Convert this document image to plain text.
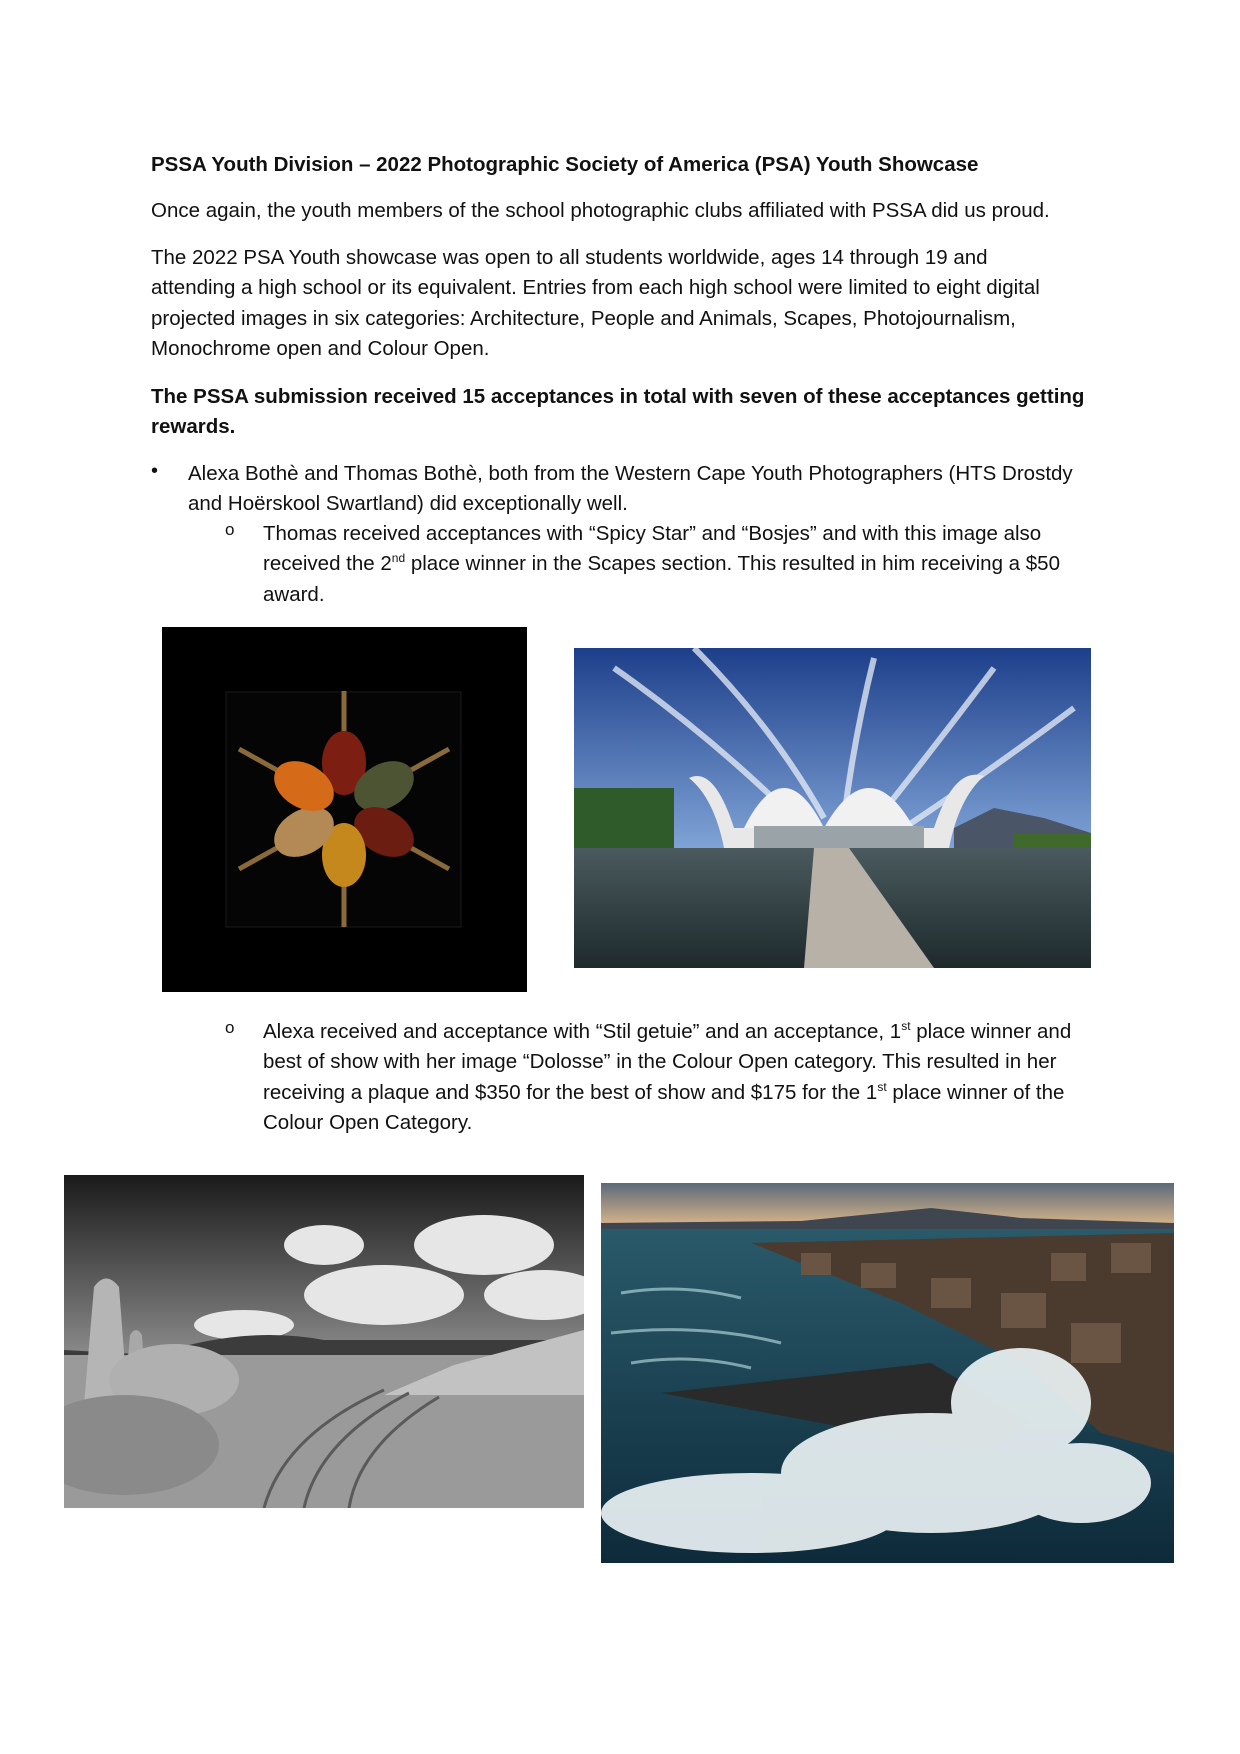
PSSA Youth Division – 2022 Photographic Society of America (PSA) Youth Showcase

Once again, the youth members of the school photographic clubs affiliated with PSSA did us proud.

The 2022 PSA Youth showcase was open to all students worldwide, ages 14 through 19 and

attending a high school or its equivalent. Entries from each high school were limited to eight digital

projected images in six categories: Architecture, People and Animals, Scapes, Photojournalism,

Monochrome open and Colour Open.

The PSSA submission received 15 acceptances in total with seven of these acceptances getting

rewards.

• Alexa Bothè and Thomas Bothè, both from the Western Cape Youth Photographers (HTS Drostdy

and Hoërskool Swartland) did exceptionally well.

o Thomas received acceptances with “Spicy Star” and “Bosjes” and with this image also

received the 2nd place winner in the Scapes section. This resulted in him receiving a $50

award.

o Alexa received and acceptance with “Stil getuie” and an acceptance, 1st place winner and

best of show with her image “Dolosse” in the Colour Open category. This resulted in her

receiving a plaque and $350 for the best of show and $175 for the 1st place winner of the

Colour Open Category.
